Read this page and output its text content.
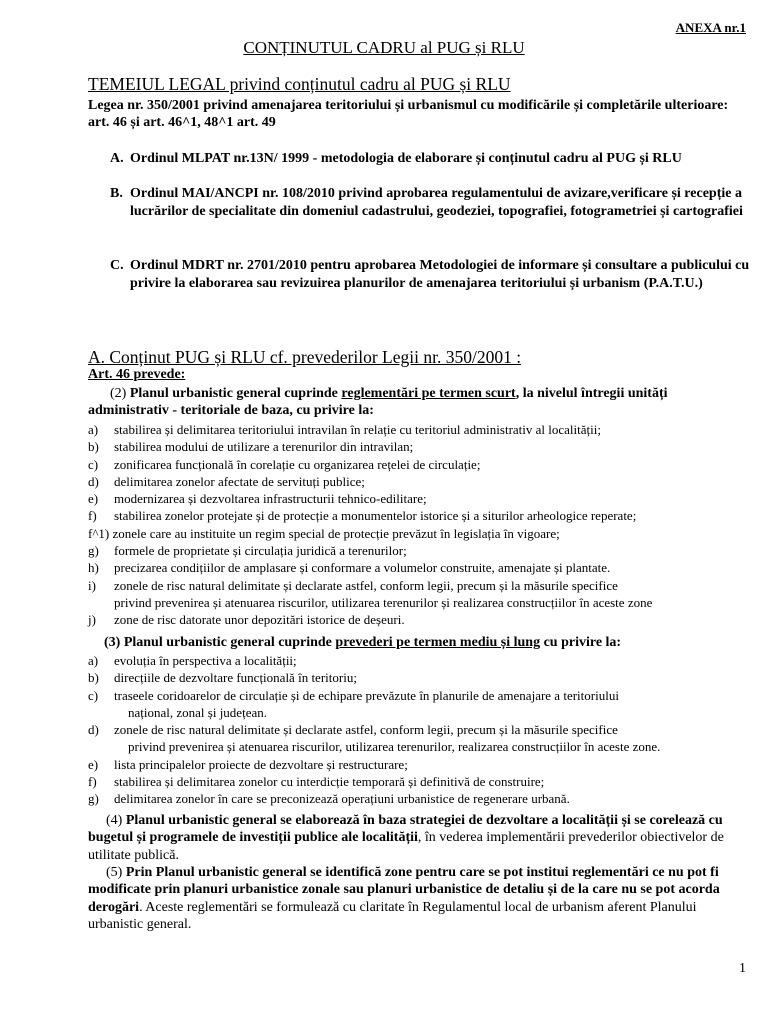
ANEXA nr.1
CONȚINUTUL CADRU al PUG și RLU
TEMEIUL LEGAL privind conținutul cadru al PUG și RLU
Legea nr. 350/2001 privind amenajarea teritoriului și urbanismul cu modificările și completările ulterioare: art. 46 și art. 46^1, 48^1 art. 49
A. Ordinul MLPAT nr.13N/ 1999 - metodologia de elaborare și conținutul cadru al PUG și RLU
B. Ordinul MAI/ANCPI nr. 108/2010 privind aprobarea regulamentului de avizare,verificare și recepție a lucrărilor de specialitate din domeniul cadastrului, geodeziei, topografiei, fotogrametriei și cartografiei
C. Ordinul MDRT nr. 2701/2010 pentru aprobarea Metodologiei de informare și consultare a publicului cu privire la elaborarea sau revizuirea planurilor de amenajarea teritoriului și urbanism (P.A.T.U.)
A. Conținut PUG și RLU cf. prevederilor Legii nr. 350/2001 :
Art. 46 prevede:
(2) Planul urbanistic general cuprinde reglementări pe termen scurt, la nivelul întregii unități administrativ - teritoriale de baza, cu privire la:
a) stabilirea și delimitarea teritoriului intravilan în relație cu teritoriul administrativ al localității;
b) stabilirea modului de utilizare a terenurilor din intravilan;
c) zonificarea funcțională în corelație cu organizarea rețelei de circulație;
d) delimitarea zonelor afectate de servituți publice;
e) modernizarea și dezvoltarea infrastructurii tehnico-edilitare;
f) stabilirea zonelor protejate și de protecție a monumentelor istorice și a siturilor arheologice reperate;
f^1) zonele care au instituite un regim special de protecție prevăzut în legislația în vigoare;
g) formele de proprietate și circulația juridică a terenurilor;
h) precizarea condițiilor de amplasare și conformare a volumelor construite, amenajate și plantate.
i) zonele de risc natural delimitate și declarate astfel, conform legii, precum și la măsurile specifice
privind prevenirea și atenuarea riscurilor, utilizarea terenurilor și realizarea construcțiilor în aceste zone
j) zone de risc datorate unor depozitări istorice de deșeuri.
(3) Planul urbanistic general cuprinde prevederi pe termen mediu și lung cu privire la:
a) evoluția în perspectiva a localității;
b) direcțiile de dezvoltare funcțională în teritoriu;
c) traseele coridoarelor de circulație și de echipare prevăzute în planurile de amenajare a teritoriului
național, zonal și județean.
d) zonele de risc natural delimitate și declarate astfel, conform legii, precum și la măsurile specifice
privind prevenirea și atenuarea riscurilor, utilizarea terenurilor, realizarea construcțiilor în aceste zone.
e) lista principalelor proiecte de dezvoltare și restructurare;
f) stabilirea și delimitarea zonelor cu interdicție temporară și definitivă de construire;
g) delimitarea zonelor în care se preconizează operațiuni urbanistice de regenerare urbană.
(4) Planul urbanistic general se elaborează în baza strategiei de dezvoltare a localității și se corelează cu bugetul și programele de investiții publice ale localității, în vederea implementării prevederilor obiectivelor de utilitate publică.
(5) Prin Planul urbanistic general se identifică zone pentru care se pot institui reglementări ce nu pot fi modificate prin planuri urbanistice zonale sau planuri urbanistice de detaliu și de la care nu se pot acorda derogări. Aceste reglementări se formulează cu claritate în Regulamentul local de urbanism aferent Planului urbanistic general.
1
